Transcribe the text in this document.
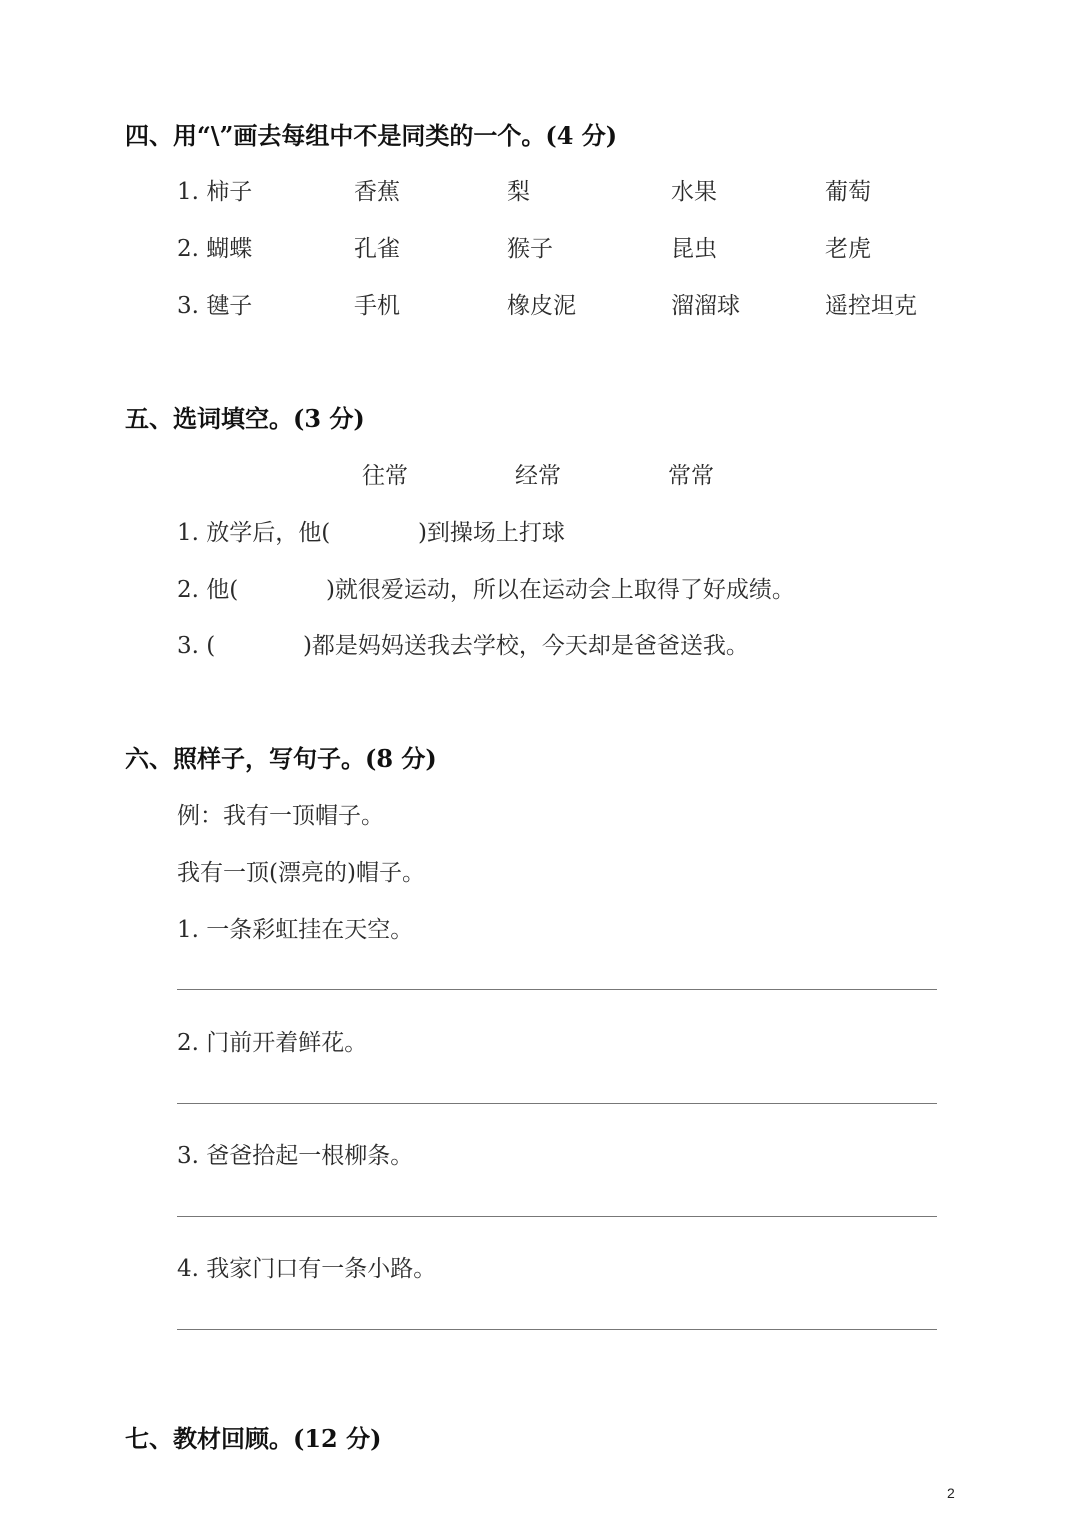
四、用“\”画去每组中不是同类的一个。(4 分)
1. 柿子	香蕉	梨	水果	葡萄
2. 蝴蝶	孔雀	猴子	昆虫	老虎
3. 毽子	手机	橡皮泥	溜溜球	遥控坦克
五、选词填空。(3 分)
往常	经常	常常
1. 放学后，他(            )到操场上打球
2. 他(            )就很爱运动，所以在运动会上取得了好成绩。
3. (            )都是妈妈送我去学校，今天却是爸爸送我。
六、照样子，写句子。(8 分)
例：我有一顶帽子。
我有一顶(漂亮的)帽子。
1. 一条彩虹挂在天空。
2. 门前开着鲜花。
3. 爸爸拾起一根柳条。
4. 我家门口有一条小路。
七、教材回顾。(12 分)
2
